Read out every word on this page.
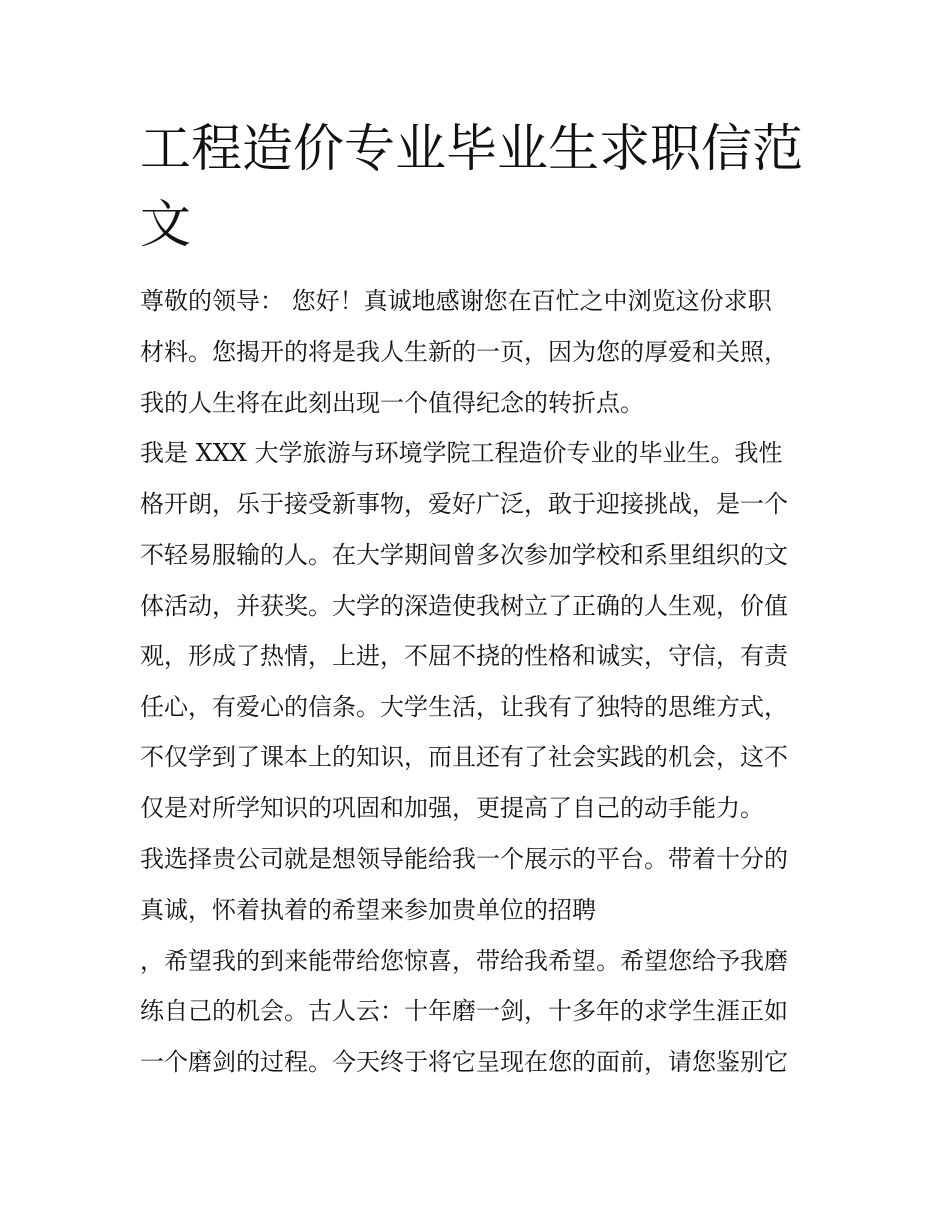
工程造价专业毕业生求职信范
文

尊敬的领导： 您好！真诚地感谢您在百忙之中浏览这份求职

材料。您揭开的将是我人生新的一页，因为您的厚爱和关照，

我的人生将在此刻出现一个值得纪念的转折点。

我是 XXX 大学旅游与环境学院工程造价专业的毕业生。我性

格开朗，乐于接受新事物，爱好广泛，敢于迎接挑战，是一个

不轻易服输的人。在大学期间曾多次参加学校和系里组织的文

体活动，并获奖。大学的深造使我树立了正确的人生观，价值

观，形成了热情，上进，不屈不挠的性格和诚实，守信，有责

任心，有爱心的信条。大学生活，让我有了独特的思维方式，

不仅学到了课本上的知识，而且还有了社会实践的机会，这不

仅是对所学知识的巩固和加强，更提高了自己的动手能力。

我选择贵公司就是想领导能给我一个展示的平台。带着十分的

真诚，怀着执着的希望来参加贵单位的招聘

，希望我的到来能带给您惊喜，带给我希望。希望您给予我磨

练自己的机会。古人云：十年磨一剑，十多年的求学生涯正如

一个磨剑的过程。今天终于将它呈现在您的面前，请您鉴别它
